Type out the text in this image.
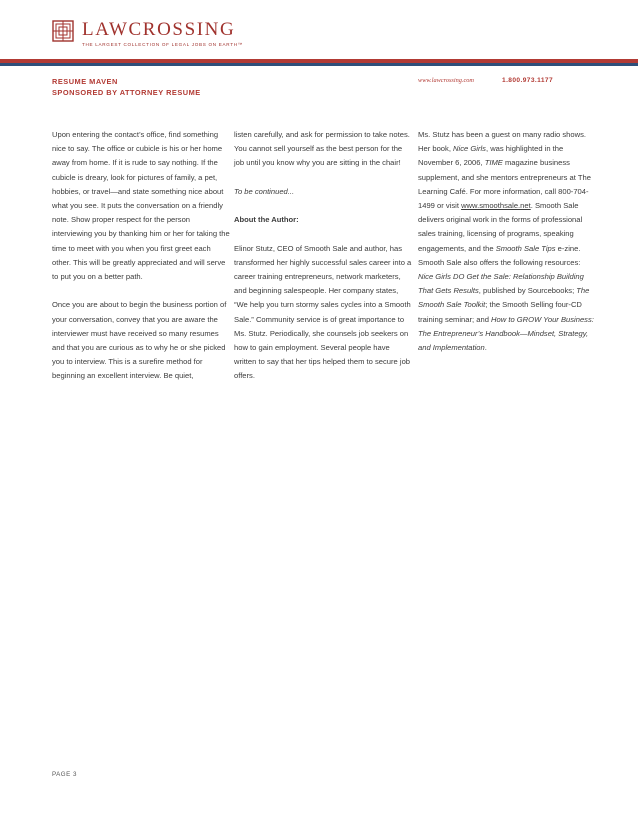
LAWCROSSING
THE LARGEST COLLECTION OF LEGAL JOBS ON EARTH™
RESUME MAVEN
SPONSORED BY ATTORNEY RESUME
www.lawcrossing.com	1.800.973.1177

Upon entering the contact’s office, find something nice to say. The office or cubicle is his or her home away from home. If it is rude to say nothing. If the cubicle is dreary, look for pictures of family, a pet, hobbies, or travel—and state something nice about what you see. It puts the conversation on a friendly note. Show proper respect for the person interviewing you by thanking him or her for taking the time to meet with you when you first greet each other. This will be greatly appreciated and will serve to put you on a better path.

Once you are about to begin the business portion of your conversation, convey that you are aware the interviewer must have received so many resumes and that you are curious as to why he or she picked you to interview. This is a surefire method for beginning an excellent interview. Be quiet,

listen carefully, and ask for permission to take notes. You cannot sell yourself as the best person for the job until you know why you are sitting in the chair!

To be continued...

About the Author:

Elinor Stutz, CEO of Smooth Sale and author, has transformed her highly successful sales career into a career training entrepreneurs, network marketers, and beginning salespeople. Her company states, “We help you turn stormy sales cycles into a Smooth Sale.” Community service is of great importance to Ms. Stutz. Periodically, she counsels job seekers on how to gain employment. Several people have written to say that her tips helped them to secure job offers.

Ms. Stutz has been a guest on many radio shows. Her book, Nice Girls, was highlighted in the November 6, 2006, TIME magazine business supplement, and she mentors entrepreneurs at The Learning Café. For more information, call 800-704-1499 or visit www.smoothsale.net. Smooth Sale delivers original work in the forms of professional sales training, licensing of programs, speaking engagements, and the Smooth Sale Tips e-zine. Smooth Sale also offers the following resources: Nice Girls DO Get the Sale: Relationship Building That Gets Results, published by Sourcebooks; The Smooth Sale Toolkit; the Smooth Selling four-CD training seminar; and How to GROW Your Business: The Entrepreneur’s Handbook—Mindset, Strategy, and Implementation.

PAGE 3
